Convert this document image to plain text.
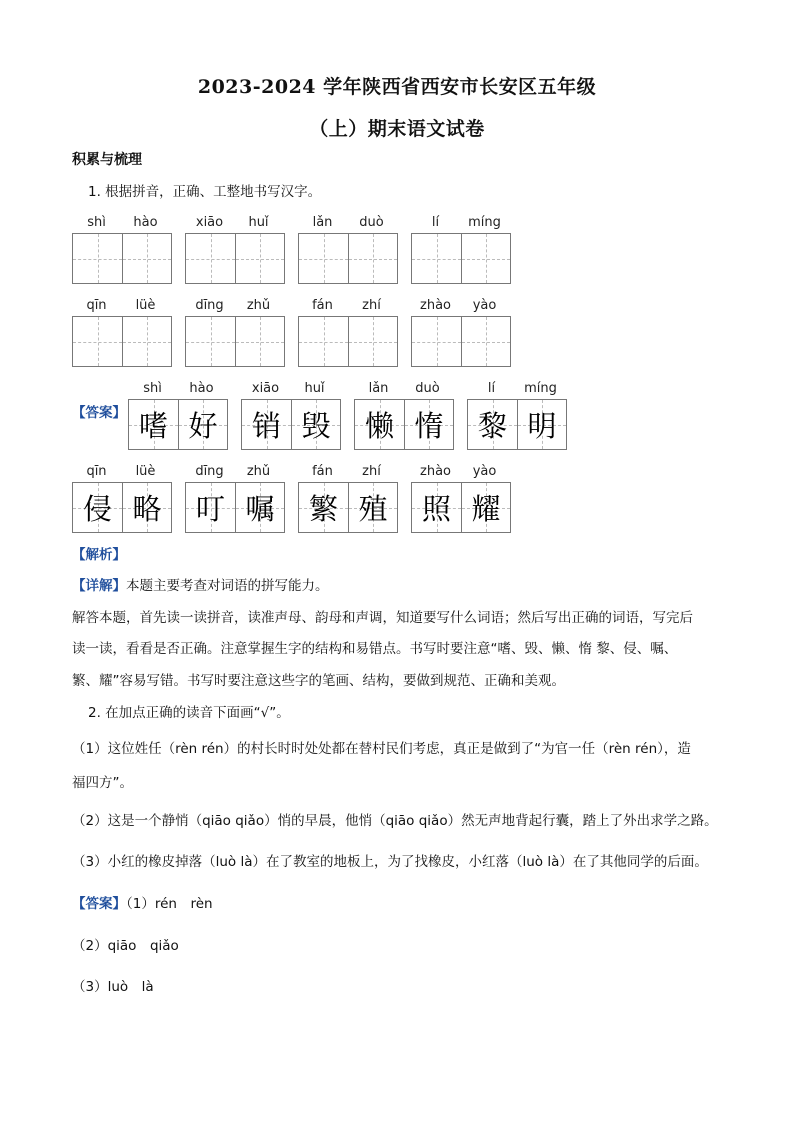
2023-2024 学年陕西省西安市长安区五年级
（上）期末语文试卷
积累与梳理
1. 根据拼音，正确、工整地书写汉字。
shì	hào	xiāo	huǐ	lǎn	duò	lí	míng
qīn	lüè	dīng	zhǔ	fán	zhí	zhào	yào
【答案】
shì	hào
嗜 好
xiāo	huǐ
销 毁
lǎn	duò
懒 惰
lí	míng
黎 明
qīn	lüè
侵 略
dīng	zhǔ
叮 嘱
fán	zhí
繁 殖
zhào	yào
照 耀
【解析】
【详解】本题主要考查对词语的拼写能力。
解答本题，首先读一读拼音，读准声母、韵母和声调，知道要写什么词语；然后写出正确的词语，写完后
读一读，看看是否正确。注意掌握生字的结构和易错点。书写时要注意“嗜、毁、懒、惰 黎、侵、嘱、
繁、耀”容易写错。书写时要注意这些字的笔画、结构，要做到规范、正确和美观。
2. 在加点正确的读音下面画“√”。
（1）这位姓任（rèn rén）的村长时时处处都在替村民们考虑，真正是做到了“为官一任（rèn rén），造
福四方”。
（2）这是一个静悄（qiāo qiǎo）悄的早晨，他悄（qiāo qiǎo）然无声地背起行囊，踏上了外出求学之路。
（3）小红的橡皮掉落（luò là）在了教室的地板上，为了找橡皮，小红落（luò là）在了其他同学的后面。
【答案】（1）rén　rèn
（2）qiāo　qiǎo
（3）luò　là
